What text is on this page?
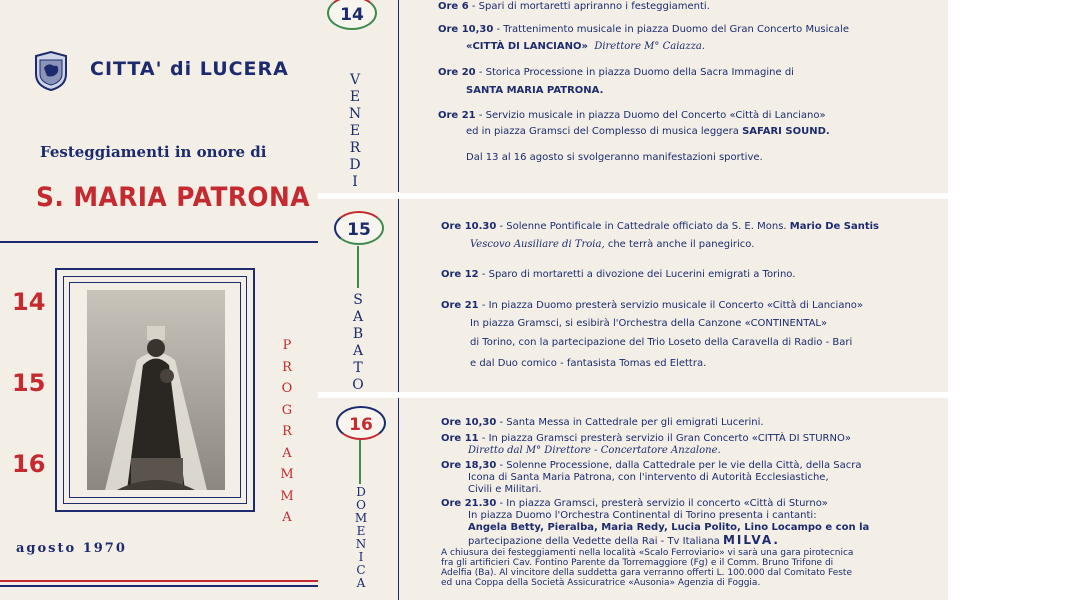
CITTA' di LUCERA
Festeggiamenti in onore di
S. MARIA PATRONA
14
15
16
P
R
O
G
R
A
M
M
A
agosto 1970
14
V
E
N
E
R
D
I
Ore 6 - Spari di mortaretti apriranno i festeggiamenti.
Ore 10,30 - Trattenimento musicale in piazza Duomo del Gran Concerto Musicale
«CITTÀ DI LANCIANO» Direttore M° Caiazza.
Ore 20 - Storica Processione in piazza Duomo della Sacra Immagine di
SANTA MARIA PATRONA.
Ore 21 - Servizio musicale in piazza Duomo del Concerto «Città di Lanciano»
ed in piazza Gramsci del Complesso di musica leggera SAFARI SOUND.
Dal 13 al 16 agosto si svolgeranno manifestazioni sportive.
15
S
A
B
A
T
O
Ore 10.30 - Solenne Pontificale in Cattedrale officiato da S. E. Mons. Mario De Santis
Vescovo Ausiliare di Troia, che terrà anche il panegirico.
Ore 12 - Sparo di mortaretti a divozione dei Lucerini emigrati a Torino.
Ore 21 - In piazza Duomo presterà servizio musicale il Concerto «Città di Lanciano»
In piazza Gramsci, si esibirà l'Orchestra della Canzone «CONTINENTAL»
di Torino, con la partecipazione del Trio Loseto della Caravella di Radio - Bari
e dal Duo comico - fantasista Tomas ed Elettra.
16
D
O
M
E
N
I
C
A
Ore 10,30 - Santa Messa in Cattedrale per gli emigrati Lucerini.
Ore 11 - In piazza Gramsci presterà servizio il Gran Concerto «CITTÀ DI STURNO»
Diretto dal M° Direttore - Concertatore Anzalone.
Ore 18,30 - Solenne Processione, dalla Cattedrale per le vie della Città, della Sacra
Icona di Santa Maria Patrona, con l'intervento di Autorità Ecclesiastiche,
Civili e Militari.
Ore 21.30 - In piazza Gramsci, presterà servizio il concerto «Città di Sturno»
In piazza Duomo l'Orchestra Continental di Torino presenta i cantanti:
Angela Betty, Pieralba, Maria Redy, Lucia Polito, Lino Locampo e con la
partecipazione della Vedette della Rai - Tv Italiana MILVA.
A chiusura dei festeggiamenti nella località «Scalo Ferroviario» vi sarà una gara pirotecnica
fra gli artificieri Cav. Fontino Parente da Torremaggiore (Fg) e il Comm. Bruno Trifone di
Adelfia (Ba). Al vincitore della suddetta gara verranno offerti L. 100.000 dal Comitato Feste
ed una Coppa della Società Assicuratrice «Ausonia» Agenzia di Foggia.
